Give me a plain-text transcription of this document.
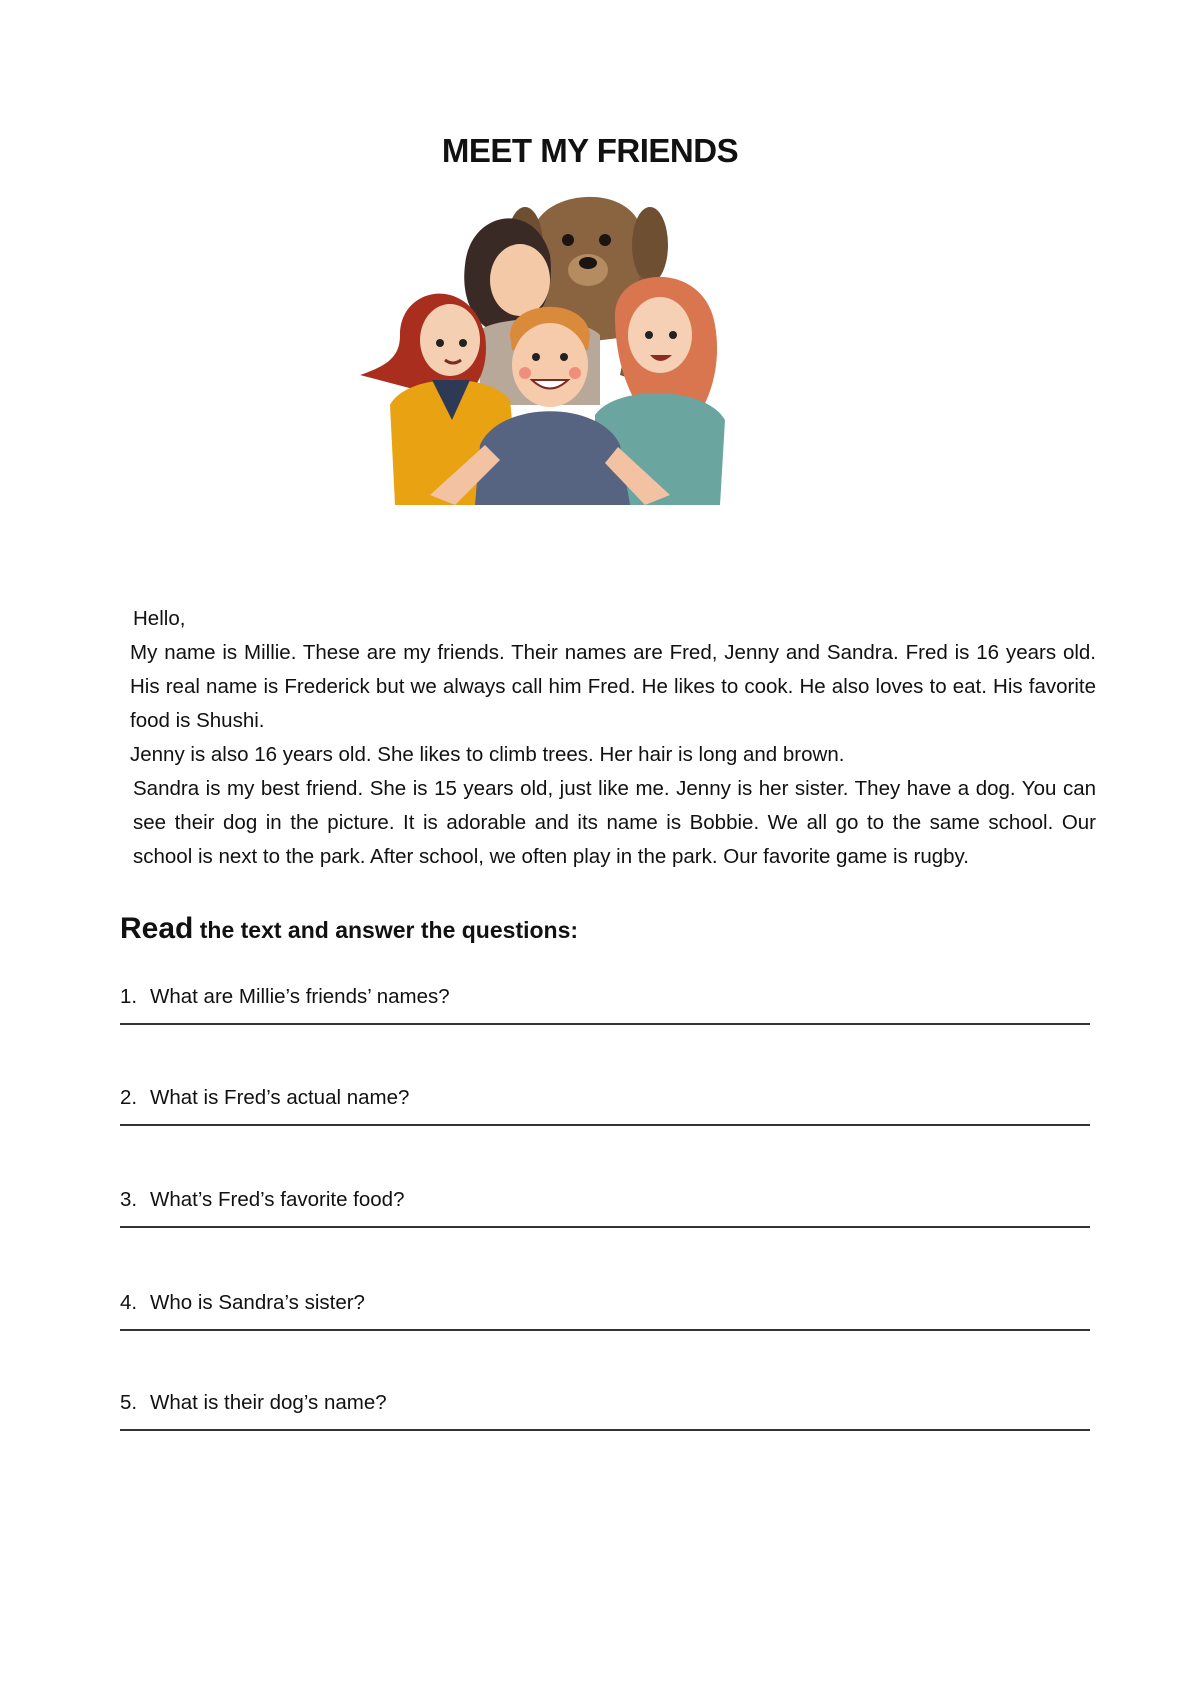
MEET MY FRIENDS

Hello,

My name is Millie. These are my friends. Their names are Fred, Jenny and Sandra. Fred is 16 years old. His real name is Frederick but we always call him Fred. He likes to cook. He also loves to eat. His favorite food is Shushi.

Jenny is also 16 years old. She likes to climb trees. Her hair is long and brown.

Sandra is my best friend. She is 15 years old, just like me. Jenny is her sister. They have a dog. You can see their dog in the picture. It is adorable and its name is Bobbie. We all go to the same school. Our school is next to the park. After school, we often play in the park. Our favorite game is rugby.

Read the text and answer the questions:
1. What are Millie’s friends’ names?
2. What is Fred’s actual name?
3. What’s Fred’s favorite food?
4. Who is Sandra’s sister?
5. What is their dog’s name?
